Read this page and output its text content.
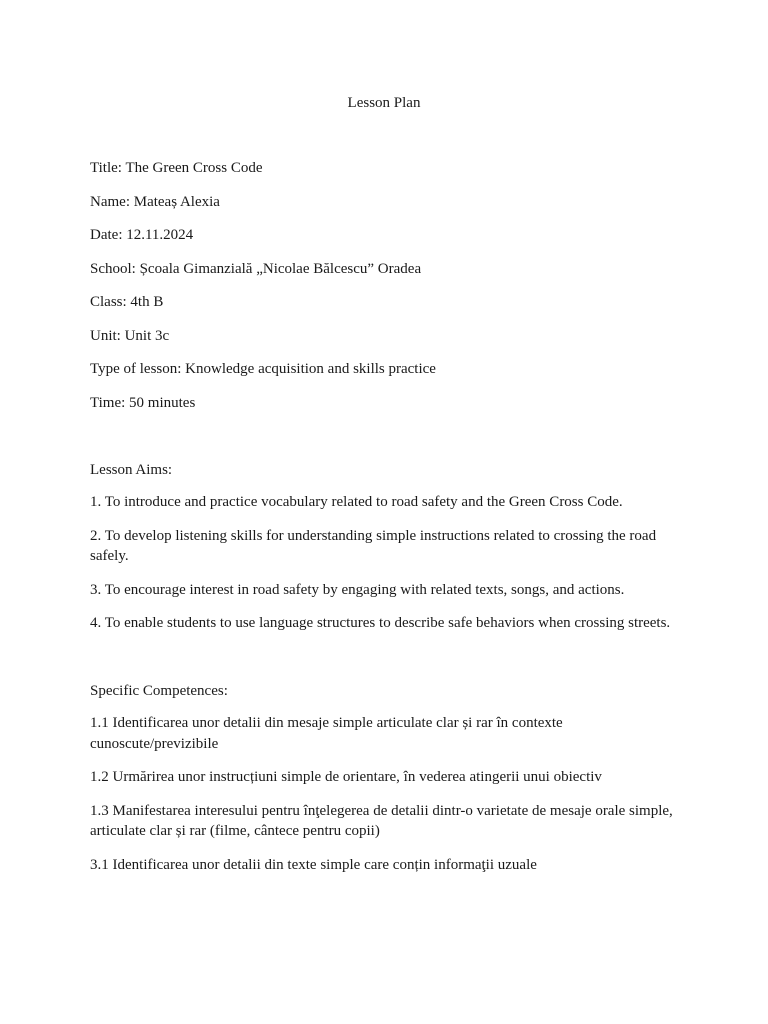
Lesson Plan

Title: The Green Cross Code

Name: Mateaș Alexia

Date: 12.11.2024

School: Școala Gimanzială „Nicolae Bălcescu” Oradea

Class: 4th B

Unit: Unit 3c

Type of lesson: Knowledge acquisition and skills practice

Time: 50 minutes

Lesson Aims:

1. To introduce and practice vocabulary related to road safety and the Green Cross Code.

2. To develop listening skills for understanding simple instructions related to crossing the road safely.

3. To encourage interest in road safety by engaging with related texts, songs, and actions.

4. To enable students to use language structures to describe safe behaviors when crossing streets.

Specific Competences:

1.1 Identificarea unor detalii din mesaje simple articulate clar și rar în contexte cunoscute/previzibile

1.2 Urmărirea unor instrucțiuni simple de orientare, în vederea atingerii unui obiectiv

1.3 Manifestarea interesului pentru înţelegerea de detalii dintr-o varietate de mesaje orale simple, articulate clar și rar (filme, cântece pentru copii)

3.1 Identificarea unor detalii din texte simple care conțin informaţii uzuale
